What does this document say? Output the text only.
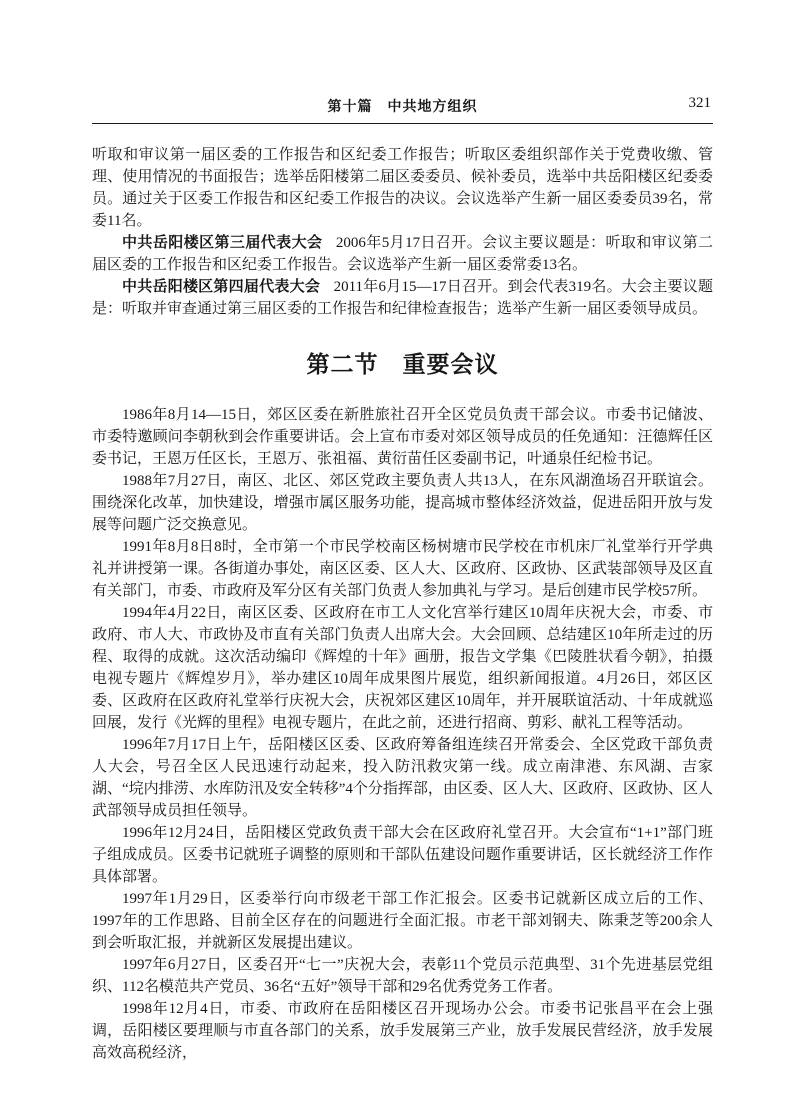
第十篇　中共地方组织	321

听取和审议第一届区委的工作报告和区纪委工作报告；听取区委组织部作关于党费收缴、管理、使用情况的书面报告；选举岳阳楼第二届区委委员、候补委员，选举中共岳阳楼区纪委委员。通过关于区委工作报告和区纪委工作报告的决议。会议选举产生新一届区委委员39名，常委11名。

中共岳阳楼区第三届代表大会 2006年5月17日召开。会议主要议题是：听取和审议第二届区委的工作报告和区纪委工作报告。会议选举产生新一届区委常委13名。

中共岳阳楼区第四届代表大会 2011年6月15—17日召开。到会代表319名。大会主要议题是：听取并审查通过第三届区委的工作报告和纪律检查报告；选举产生新一届区委领导成员。

第二节　重要会议

1986年8月14—15日，郊区区委在新胜旅社召开全区党员负责干部会议。市委书记储波、市委特邀顾问李朝秋到会作重要讲话。会上宣布市委对郊区领导成员的任免通知：汪德辉任区委书记，王恩万任区长，王恩万、张祖福、黄衍苗任区委副书记，叶通泉任纪检书记。

1988年7月27日，南区、北区、郊区党政主要负责人共13人，在东风湖渔场召开联谊会。围绕深化改革，加快建设，增强市属区服务功能，提高城市整体经济效益，促进岳阳开放与发展等问题广泛交换意见。

1991年8月8日8时，全市第一个市民学校南区杨树塘市民学校在市机床厂礼堂举行开学典礼并讲授第一课。各街道办事处，南区区委、区人大、区政府、区政协、区武装部领导及区直有关部门，市委、市政府及军分区有关部门负责人参加典礼与学习。是后创建市民学校57所。

1994年4月22日，南区区委、区政府在市工人文化宫举行建区10周年庆祝大会，市委、市政府、市人大、市政协及市直有关部门负责人出席大会。大会回顾、总结建区10年所走过的历程、取得的成就。这次活动编印《辉煌的十年》画册，报告文学集《巴陵胜状看今朝》，拍摄电视专题片《辉煌岁月》，举办建区10周年成果图片展览，组织新闻报道。4月26日，郊区区委、区政府在区政府礼堂举行庆祝大会，庆祝郊区建区10周年，并开展联谊活动、十年成就巡回展，发行《光辉的里程》电视专题片，在此之前，还进行招商、剪彩、献礼工程等活动。

1996年7月17日上午，岳阳楼区区委、区政府筹备组连续召开常委会、全区党政干部负责人大会，号召全区人民迅速行动起来，投入防汛救灾第一线。成立南津港、东风湖、吉家湖、“垸内排涝、水库防汛及安全转移”4个分指挥部，由区委、区人大、区政府、区政协、区人武部领导成员担任领导。

1996年12月24日，岳阳楼区党政负责干部大会在区政府礼堂召开。大会宣布“1+1”部门班子组成成员。区委书记就班子调整的原则和干部队伍建设问题作重要讲话，区长就经济工作作具体部署。

1997年1月29日，区委举行向市级老干部工作汇报会。区委书记就新区成立后的工作、1997年的工作思路、目前全区存在的问题进行全面汇报。市老干部刘钢夫、陈秉芝等200余人到会听取汇报，并就新区发展提出建议。

1997年6月27日，区委召开“七一”庆祝大会，表彰11个党员示范典型、31个先进基层党组织、112名模范共产党员、36名“五好”领导干部和29名优秀党务工作者。

1998年12月4日，市委、市政府在岳阳楼区召开现场办公会。市委书记张昌平在会上强调，岳阳楼区要理顺与市直各部门的关系，放手发展第三产业，放手发展民营经济，放手发展高效高税经济，
